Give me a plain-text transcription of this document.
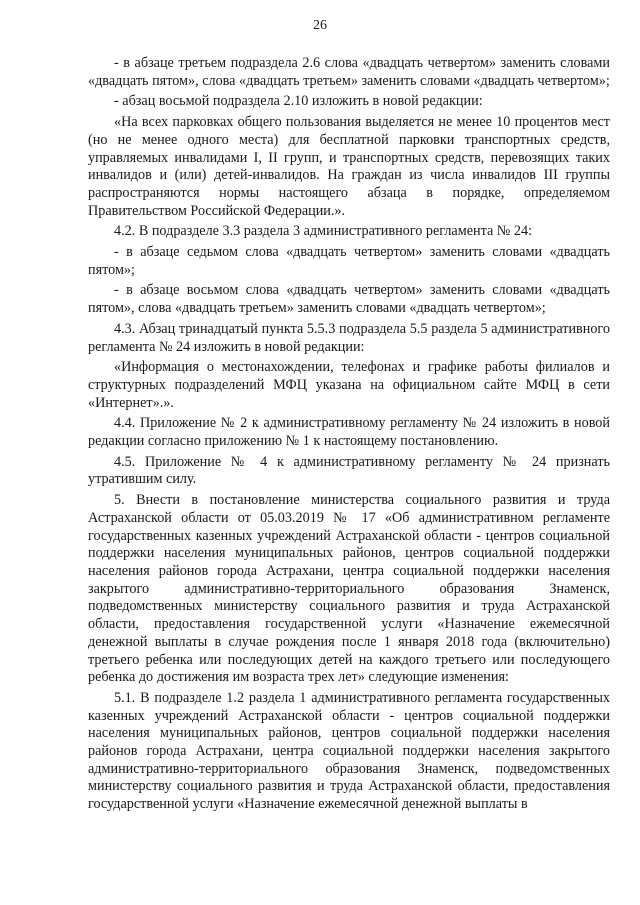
26

- в абзаце третьем подраздела 2.6 слова «двадцать четвертом» заменить словами «двадцать пятом», слова «двадцать третьем» заменить словами «двадцать четвертом»;

- абзац восьмой подраздела 2.10 изложить в новой редакции:

«На всех парковках общего пользования выделяется не менее 10 процентов мест (но не менее одного места) для бесплатной парковки транспортных средств, управляемых инвалидами I, II групп, и транспортных средств, перевозящих таких инвалидов и (или) детей-инвалидов. На граждан из числа инвалидов III группы распространяются нормы настоящего абзаца в порядке, определяемом Правительством Российской Федерации.».

4.2. В подразделе 3.3 раздела 3 административного регламента № 24:

- в абзаце седьмом слова «двадцать четвертом» заменить словами «двадцать пятом»;

- в абзаце восьмом слова «двадцать четвертом» заменить словами «двадцать пятом», слова «двадцать третьем» заменить словами «двадцать четвертом»;

4.3. Абзац тринадцатый пункта 5.5.3 подраздела 5.5 раздела 5 административного регламента № 24 изложить в новой редакции:

«Информация о местонахождении, телефонах и графике работы филиалов и структурных подразделений МФЦ указана на официальном сайте МФЦ в сети «Интернет».».

4.4. Приложение № 2 к административному регламенту № 24 изложить в новой редакции согласно приложению № 1 к настоящему постановлению.

4.5. Приложение № 4 к административному регламенту № 24 признать утратившим силу.

5. Внести в постановление министерства социального развития и труда Астраханской области от 05.03.2019 № 17 «Об административном регламенте государственных казенных учреждений Астраханской области - центров социальной поддержки населения муниципальных районов, центров социальной поддержки населения районов города Астрахани, центра социальной поддержки населения закрытого административно-территориального образования Знаменск, подведомственных министерству социального развития и труда Астраханской области, предоставления государственной услуги «Назначение ежемесячной денежной выплаты в случае рождения после 1 января 2018 года (включительно) третьего ребенка или последующих детей на каждого третьего или последующего ребенка до достижения им возраста трех лет» следующие изменения:

5.1. В подразделе 1.2 раздела 1 административного регламента государственных казенных учреждений Астраханской области - центров социальной поддержки населения муниципальных районов, центров социальной поддержки населения районов города Астрахани, центра социальной поддержки населения закрытого административно-территориального образования Знаменск, подведомственных министерству социального развития и труда Астраханской области, предоставления государственной услуги «Назначение ежемесячной денежной выплаты в
